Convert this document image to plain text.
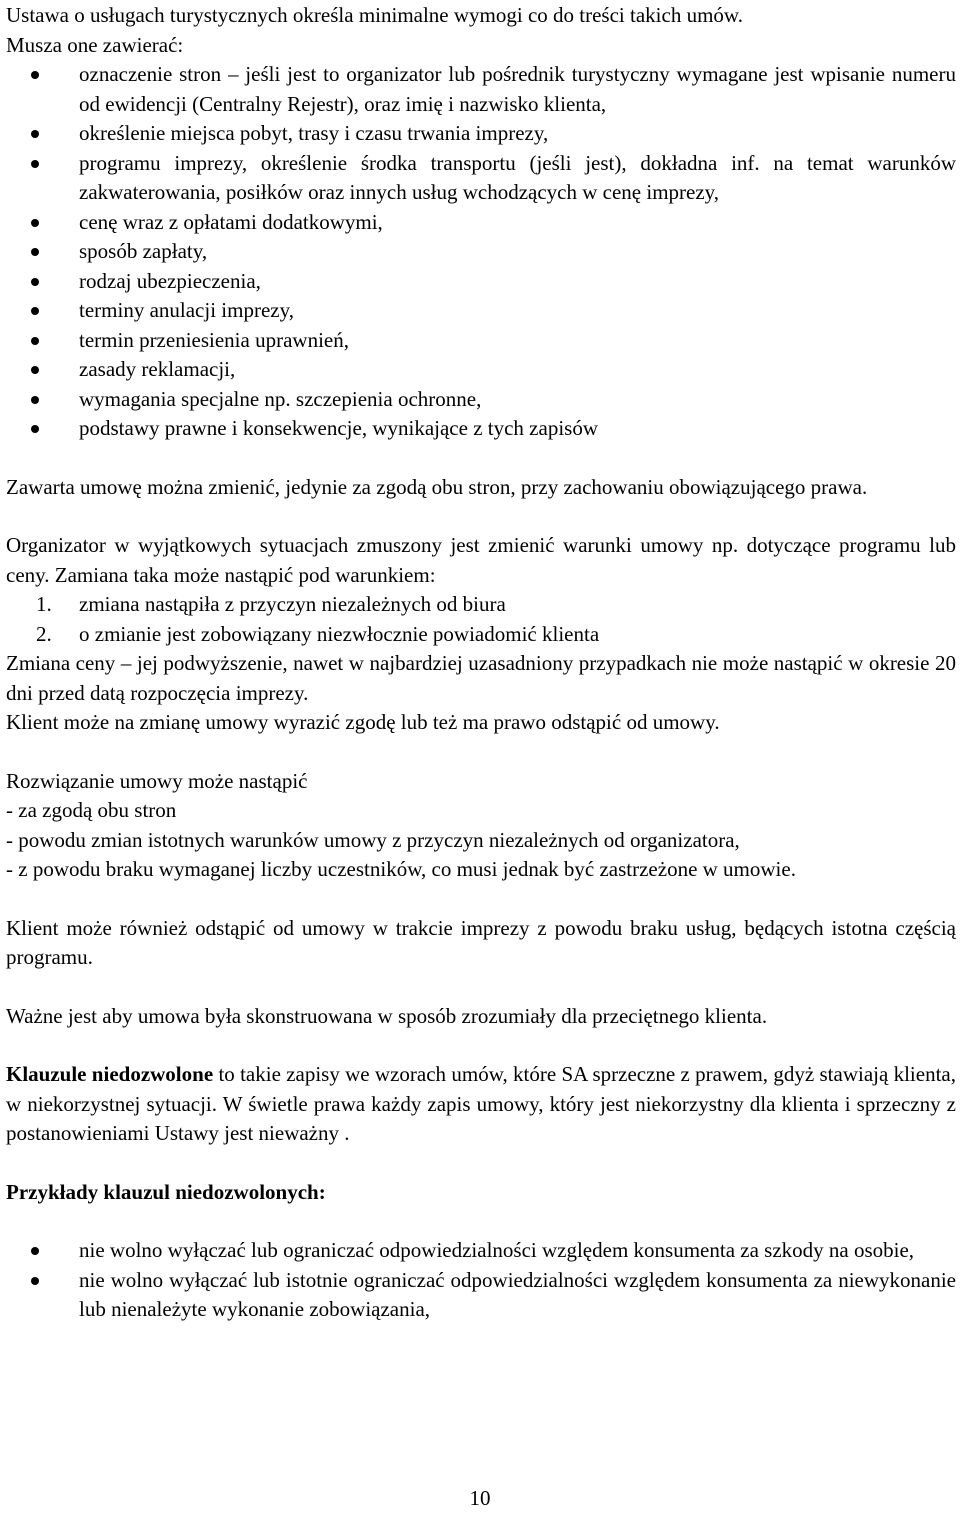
Ustawa o usługach turystycznych określa minimalne wymogi co do treści takich umów.

Musza one zawierać:

oznaczenie stron – jeśli jest to organizator lub pośrednik turystyczny wymagane jest wpisanie numeru od ewidencji (Centralny Rejestr), oraz imię i nazwisko klienta,
określenie miejsca pobyt, trasy i czasu trwania imprezy,
programu imprezy, określenie środka transportu (jeśli jest), dokładna inf. na temat warunków zakwaterowania, posiłków oraz innych usług wchodzących w cenę imprezy,
cenę wraz z opłatami dodatkowymi,
sposób zapłaty,
rodzaj ubezpieczenia,
terminy anulacji imprezy,
termin przeniesienia uprawnień,
zasady reklamacji,
wymagania specjalne np. szczepienia ochronne,
podstawy prawne i konsekwencje, wynikające z tych zapisów

Zawarta umowę można zmienić, jedynie za zgodą obu stron, przy zachowaniu obowiązującego prawa.

Organizator w wyjątkowych sytuacjach zmuszony jest zmienić warunki umowy np. dotyczące programu lub ceny. Zamiana taka może nastąpić pod warunkiem:

1. zmiana nastąpiła z przyczyn niezależnych od biura
2. o zmianie jest zobowiązany niezwłocznie powiadomić klienta

Zmiana ceny – jej podwyższenie, nawet w najbardziej uzasadniony przypadkach nie może nastąpić w okresie 20 dni przed datą rozpoczęcia imprezy.

Klient może na zmianę umowy wyrazić zgodę lub też ma prawo odstąpić od umowy.

Rozwiązanie umowy może nastąpić

- za zgodą obu stron

- powodu zmian istotnych warunków umowy z przyczyn niezależnych od organizatora,

- z powodu braku wymaganej liczby uczestników, co musi jednak być zastrzeżone w umowie.

Klient może również odstąpić od umowy w trakcie imprezy z powodu braku usług, będących istotna częścią programu.

Ważne jest aby umowa była skonstruowana w sposób zrozumiały dla przeciętnego klienta.

Klauzule niedozwolone to takie zapisy we wzorach umów, które SA sprzeczne z prawem, gdyż stawiają klienta, w niekorzystnej sytuacji. W świetle prawa każdy zapis umowy, który jest niekorzystny dla klienta i sprzeczny z postanowieniami Ustawy jest nieważny .

Przykłady klauzul niedozwolonych:

nie wolno wyłączać lub ograniczać odpowiedzialności względem konsumenta za szkody na osobie,
nie wolno wyłączać lub istotnie ograniczać odpowiedzialności względem konsumenta za niewykonanie lub nienależyte wykonanie zobowiązania,
10
